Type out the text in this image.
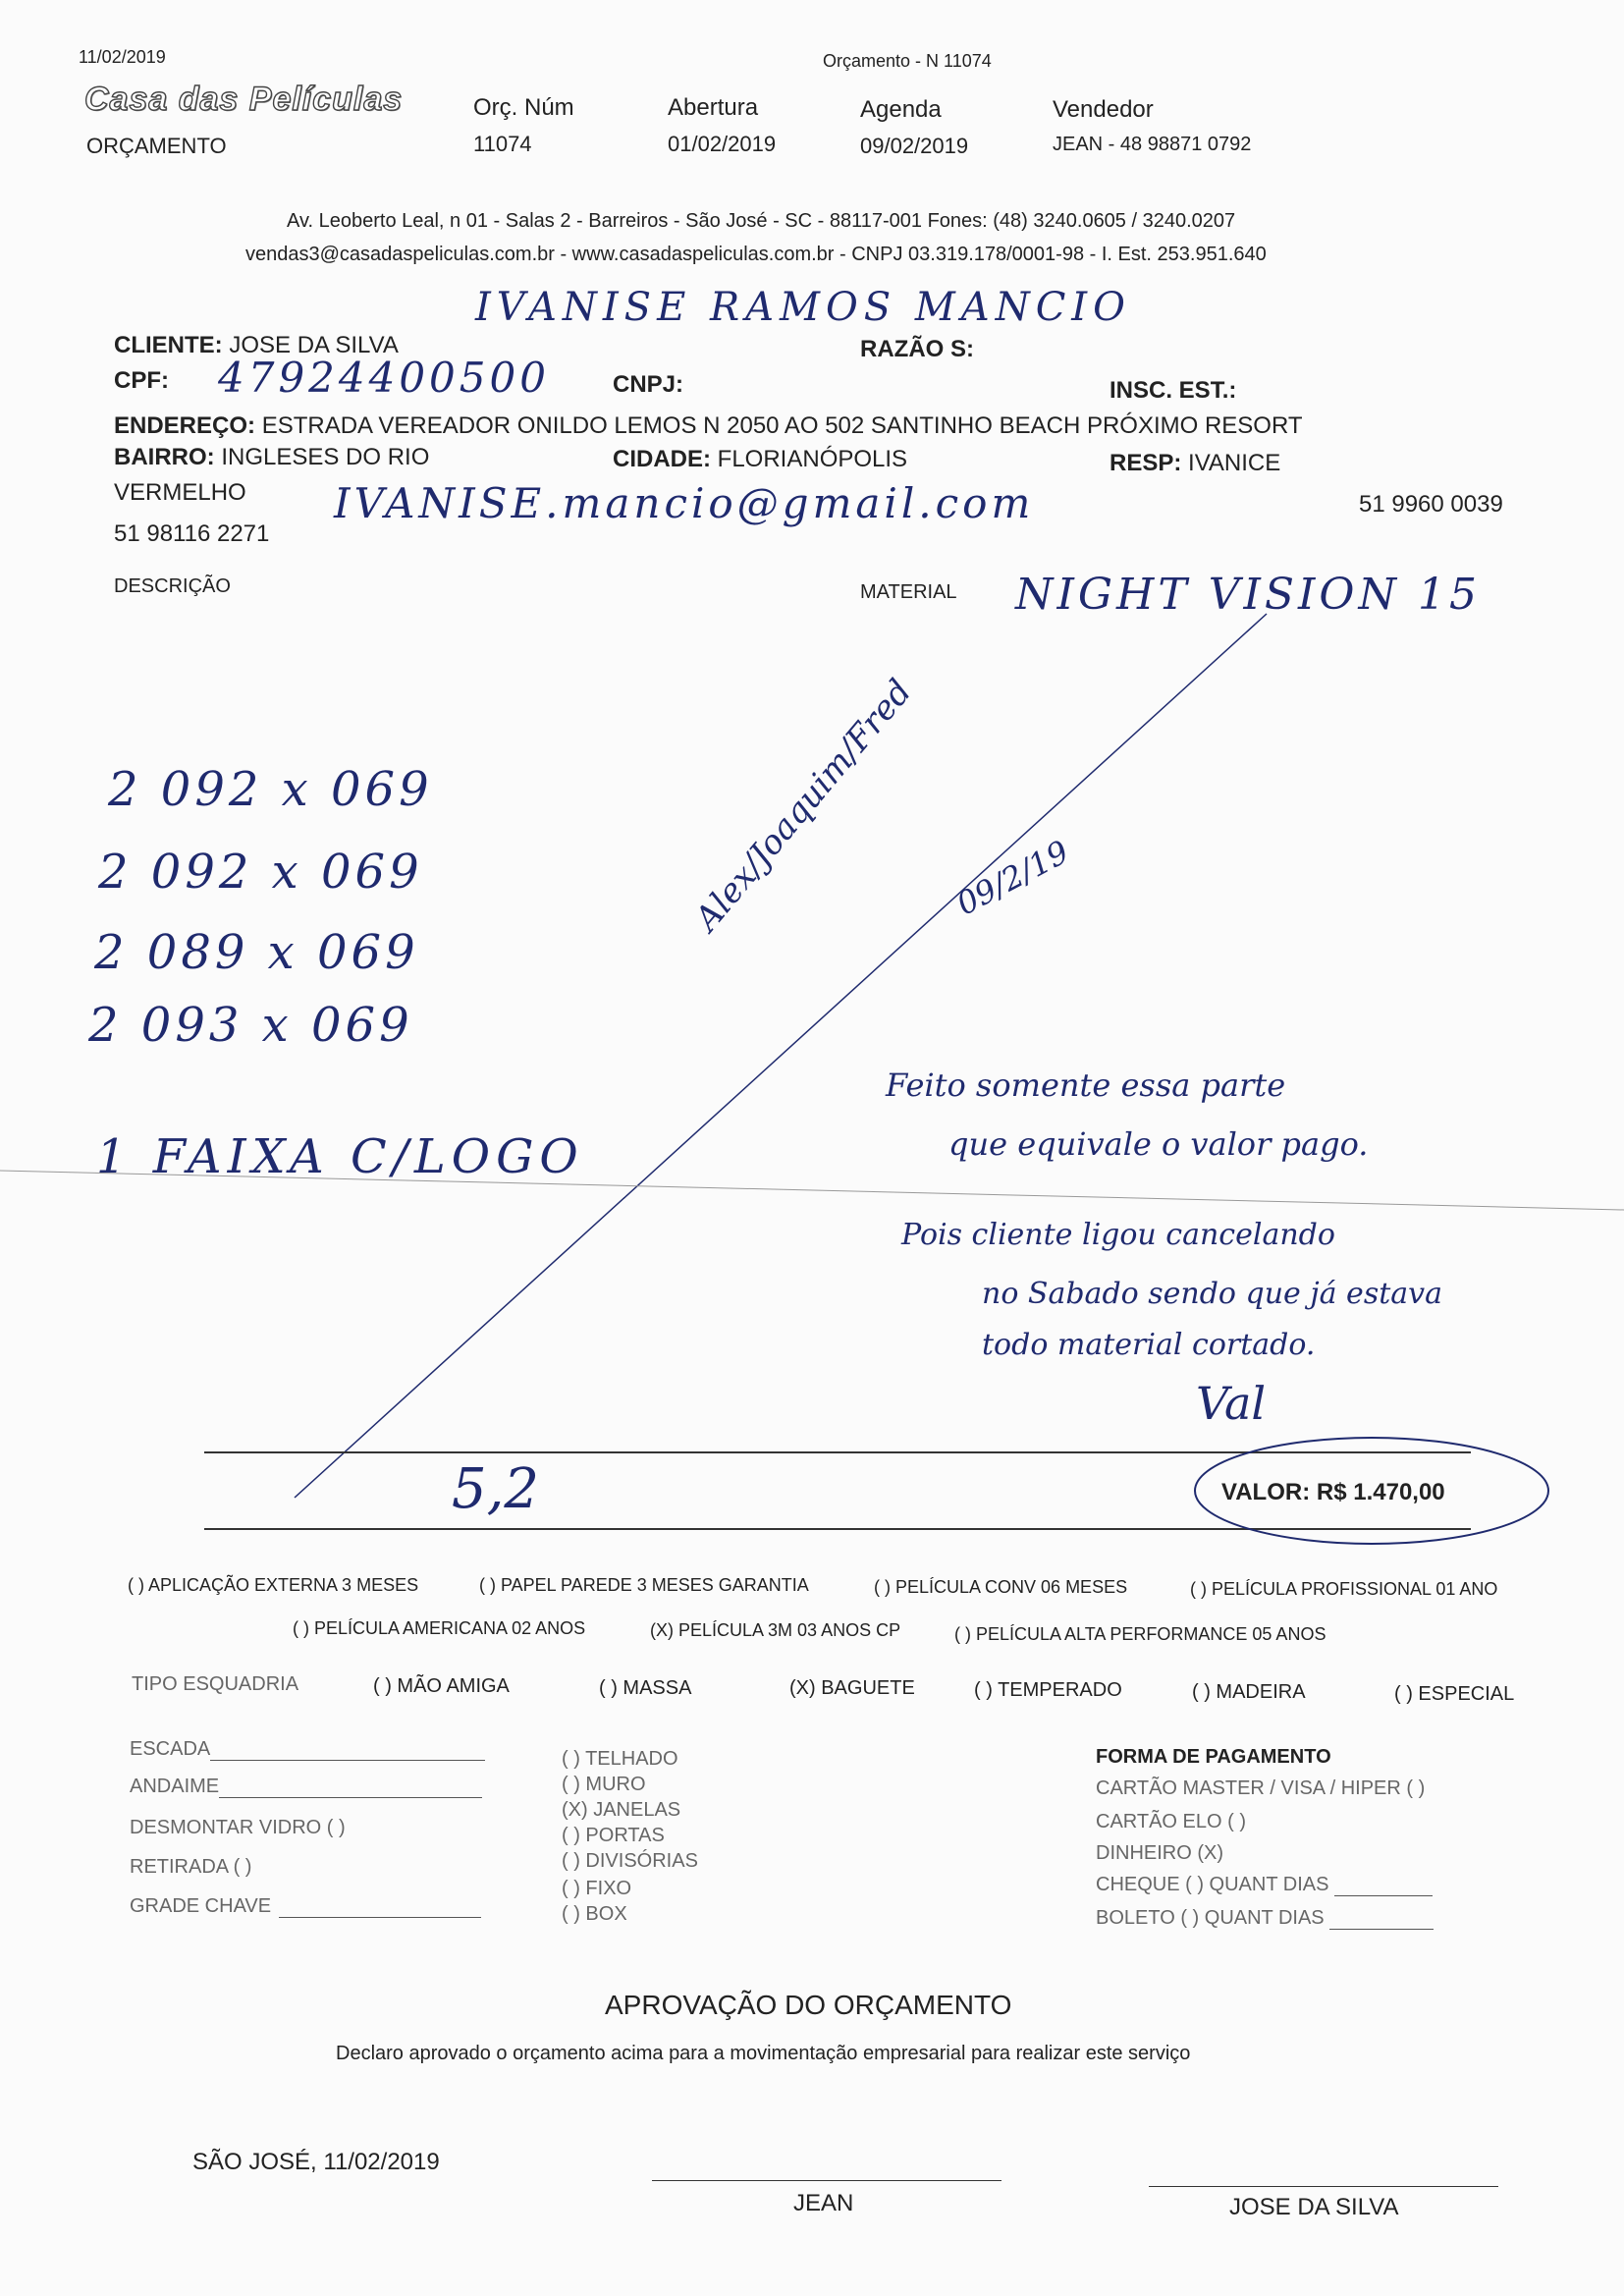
11/02/2019	Orçamento - N 11074
Casa das Películas
ORÇAMENTO
Orç. Núm
11074
Abertura
01/02/2019
Agenda
09/02/2019
Vendedor
JEAN - 48 98871 0792
Av. Leoberto Leal, n 01 - Salas 2 - Barreiros - São José - SC - 88117-001 Fones: (48) 3240.0605 / 3240.0207
vendas3@casadaspeliculas.com.br - www.casadaspeliculas.com.br - CNPJ 03.319.178/0001-98 - I. Est. 253.951.640
CLIENTE: JOSE DA SILVA	RAZÃO S:
CPF:	CNPJ:	INSC. EST.:
ENDEREÇO: ESTRADA VEREADOR ONILDO LEMOS N 2050 AO 502 SANTINHO BEACH PRÓXIMO RESORT
BAIRRO: INGLESES DO RIO
VERMELHO
CIDADE: FLORIANÓPOLIS	RESP: IVANICE
51 98116 2271
51 9960 0039
IVANISE RAMOS MANCIO
47924400500
IVANISE.mancio@gmail.com
DESCRIÇÃO	MATERIAL NIGHT VISION 15
2 092 x 069
2 092 x 069
2 089 x 069
2 093 x 069
1 FAIXA C/LOGO
Alex/Joaquim/Fred 09/2/19
Feito somente essa parte
que equivale o valor pago.
Pois cliente ligou cancelando
no Sabado sendo que já estava
todo material cortado.
Val
5,2	VALOR: R$ 1.470,00
( ) APLICAÇÃO EXTERNA 3 MESES	( ) PAPEL PAREDE 3 MESES GARANTIA	( ) PELÍCULA CONV 06 MESES	( ) PELÍCULA PROFISSIONAL 01 ANO
( ) PELÍCULA AMERICANA 02 ANOS	(X) PELÍCULA 3M 03 ANOS CP	( ) PELÍCULA ALTA PERFORMANCE 05 ANOS
TIPO ESQUADRIA	( ) MÃO AMIGA	( ) MASSA	(X) BAGUETE	( ) TEMPERADO	( ) MADEIRA	( ) ESPECIAL
ESCADA
ANDAIME
DESMONTAR VIDRO ( )
RETIRADA ( )
GRADE CHAVE
( ) TELHADO
( ) MURO
(X) JANELAS
( ) PORTAS
( ) DIVISÓRIAS
( ) FIXO
( ) BOX
FORMA DE PAGAMENTO
CARTÃO MASTER / VISA / HIPER ( )
CARTÃO ELO ( )
DINHEIRO (X)
CHEQUE ( ) QUANT DIAS
BOLETO ( ) QUANT DIAS
APROVAÇÃO DO ORÇAMENTO
Declaro aprovado o orçamento acima para a movimentação empresarial para realizar este serviço
SÃO JOSÉ, 11/02/2019
JEAN	JOSE DA SILVA
